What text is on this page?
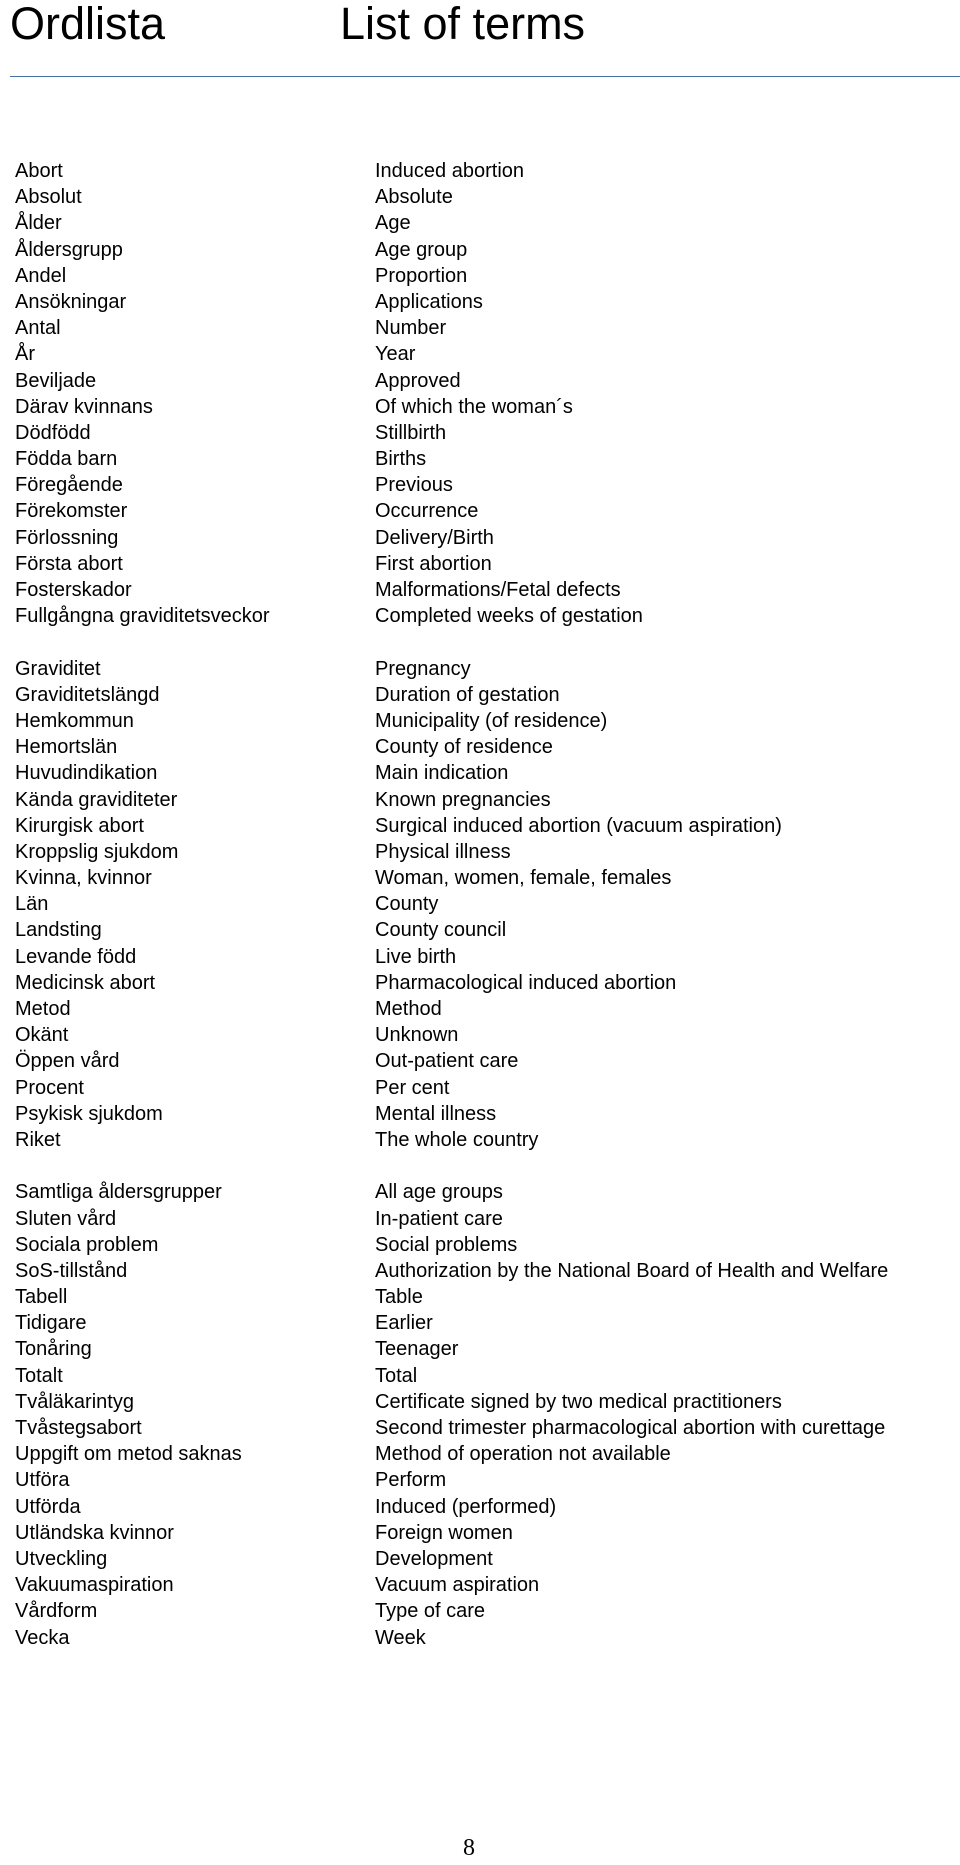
Ordlista	List of terms
Abort	Induced abortion
Absolut	Absolute
Ålder	Age
Åldersgrupp	Age group
Andel	Proportion
Ansökningar	Applications
Antal	Number
År	Year
Beviljade	Approved
Därav kvinnans	Of which the woman´s
Dödfödd	Stillbirth
Födda barn	Births
Föregående	Previous
Förekomster	Occurrence
Förlossning	Delivery/Birth
Första abort	First abortion
Fosterskador	Malformations/Fetal defects
Fullgångna graviditetsveckor	Completed weeks of gestation
Graviditet	Pregnancy
Graviditetslängd	Duration of gestation
Hemkommun	Municipality (of residence)
Hemortslän	County of residence
Huvudindikation	Main indication
Kända graviditeter	Known pregnancies
Kirurgisk abort	Surgical induced abortion (vacuum aspiration)
Kroppslig sjukdom	Physical illness
Kvinna, kvinnor	Woman, women, female, females
Län	County
Landsting	County council
Levande född	Live birth
Medicinsk abort	Pharmacological induced abortion
Metod	Method
Okänt	Unknown
Öppen vård	Out-patient care
Procent	Per cent
Psykisk sjukdom	Mental illness
Riket	The whole country
Samtliga åldersgrupper	All age groups
Sluten vård	In-patient care
Sociala problem	Social problems
SoS-tillstånd	Authorization by the National Board of Health and Welfare
Tabell	Table
Tidigare	Earlier
Tonåring	Teenager
Totalt	Total
Tvåläkarintyg	Certificate signed by two medical practitioners
Tvåstegsabort	Second trimester pharmacological abortion with curettage
Uppgift om metod saknas	Method of operation not available
Utföra	Perform
Utförda	Induced (performed)
Utländska kvinnor	Foreign women
Utveckling	Development
Vakuumaspiration	Vacuum aspiration
Vårdform	Type of care
Vecka	Week
8
